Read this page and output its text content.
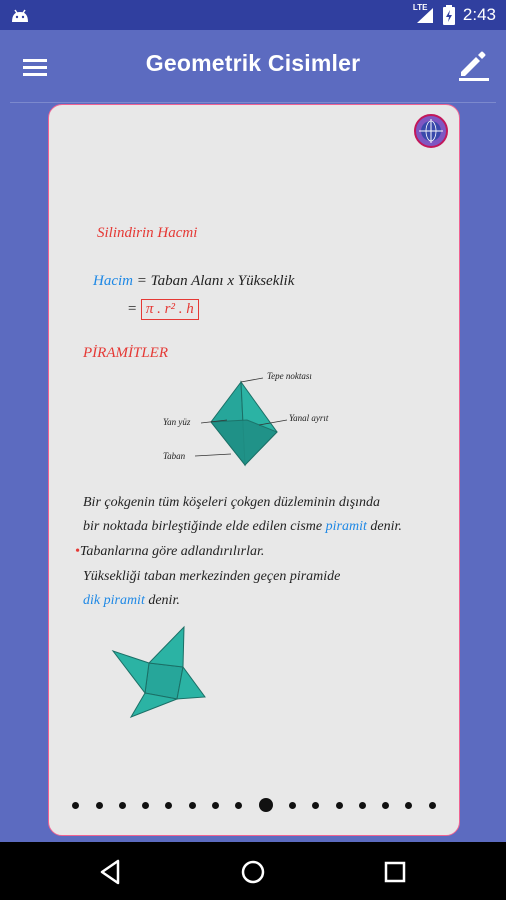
LTE 2:43
Geometrik Cisimler
Silindirin Hacmi
Hacim = Taban Alanı x Yükseklik
= π . r² . h
PİRAMİTLER
Tepe noktası
Yan yüz	Yanal ayrıt
Taban
Bir çokgenin tüm köşeleri çokgen düzleminin dışında
bir noktada birleştiğinde elde edilen cisme piramit denir.
•Tabanlarına göre adlandırılırlar.
Yüksekliği taban merkezinden geçen piramide
dik piramit denir.
